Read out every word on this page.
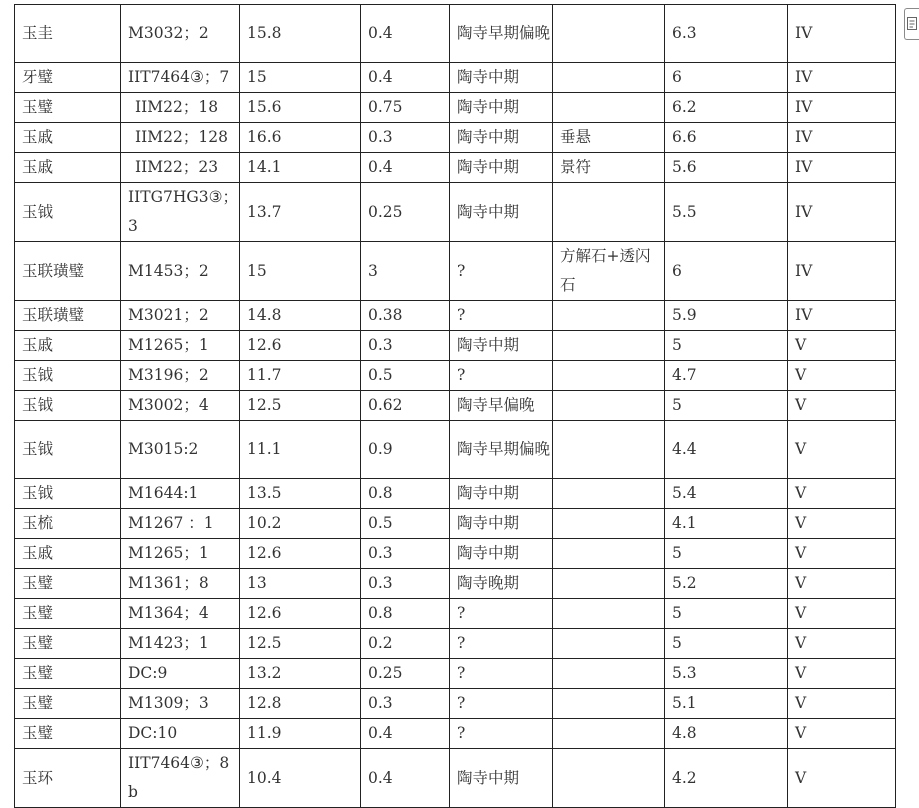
玉圭	M3032；2	15.8	0.4	陶寺早期偏晚		6.3	IV
牙璧	IIT7464③；7	15	0.4	陶寺中期		6	IV
玉璧	IIM22；18	15.6	0.75	陶寺中期		6.2	IV
玉戚	IIM22；128	16.6	0.3	陶寺中期	垂悬	6.6	IV
玉戚	IIM22；23	14.1	0.4	陶寺中期	景符	5.6	IV
玉钺	IITG7HG3③；3	13.7	0.25	陶寺中期		5.5	IV
玉联璜璧	M1453；2	15	3	?	方解石+透闪石	6	IV
玉联璜璧	M3021；2	14.8	0.38	?		5.9	IV
玉戚	M1265；1	12.6	0.3	陶寺中期		5	V
玉钺	M3196；2	11.7	0.5	?		4.7	V
玉钺	M3002；4	12.5	0.62	陶寺早偏晚		5	V
玉钺	M3015:2	11.1	0.9	陶寺早期偏晚		4.4	V
玉钺	M1644:1	13.5	0.8	陶寺中期		5.4	V
玉梳	M1267 ：1	10.2	0.5	陶寺中期		4.1	V
玉戚	M1265；1	12.6	0.3	陶寺中期		5	V
玉璧	M1361；8	13	0.3	陶寺晚期		5.2	V
玉璧	M1364；4	12.6	0.8	?		5	V
玉璧	M1423；1	12.5	0.2	?		5	V
玉璧	DC:9	13.2	0.25	?		5.3	V
玉璧	M1309；3	12.8	0.3	?		5.1	V
玉璧	DC:10	11.9	0.4	?		4.8	V
玉环	IIT7464③；8b	10.4	0.4	陶寺中期		4.2	V
